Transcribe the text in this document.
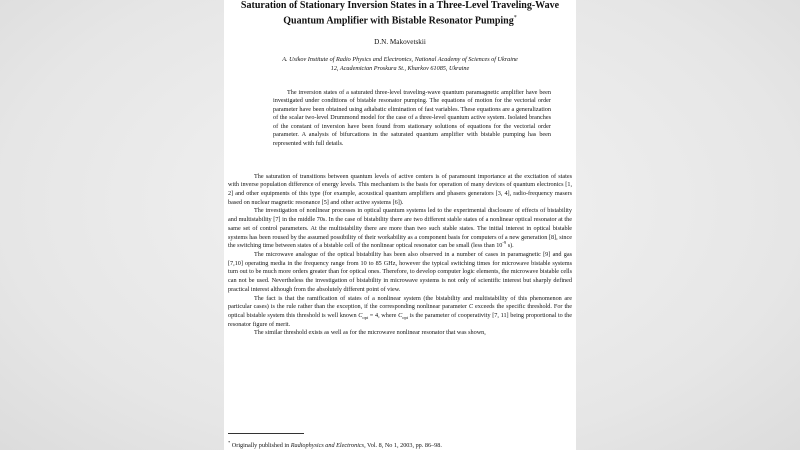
Saturation of Stationary Inversion States in a Three-Level Traveling-Wave
Quantum Amplifier with Bistable Resonator Pumping*
D.N. Makovetskii
A. Usikov Institute of Radio Physics and Electronics, National Academy of Sciences of Ukraine
12, Academician Proskura St., Kharkov 61085, Ukraine

The inversion states of a saturated three-level traveling-wave quantum paramagnetic amplifier have been investigated under conditions of bistable resonator pumping. The equations of motion for the vectorial order parameter have been obtained using adiabatic elimination of fast variables. These equations are a generalization of the scalar two-level Drummond model for the case of a three-level quantum active system. Isolated branches of the constant of inversion have been found from stationary solutions of equations for the vectorial order parameter. A analysis of bifurcations in the saturated quantum amplifier with bistable pumping has been represented with full details.

The saturation of transitions between quantum levels of active centers is of paramount importance at the excitation of states with inverse population difference of energy levels. This mechanism is the basis for operation of many devices of quantum electronics [1, 2] and other equipments of this type (for example, acoustical quantum amplifiers and phasers generators [3, 4], radio-frequency masers based on nuclear magnetic resonance [5] and other active systems [6]).

The investigation of nonlinear processes in optical quantum systems led to the experimental disclosure of effects of bistability and multistability [7] in the middle 70s. In the case of bistability there are two different stable states of a nonlinear optical resonator at the same set of control parameters. At the multistability there are more than two such stable states. The initial interest in optical bistable systems has been roused by the assumed possibility of their workability as a component basis for computers of a new generation [8], since the switching time between states of a bistable cell of the nonlinear optical resonator can be small (less than $10^{-9}$ s).

The microwave analogue of the optical bistability has been also observed in a number of cases in paramagnetic [9] and gas [7,10] operating media in the frequency range from 10 to 85 GHz, however the typical switching times for microwave bistable systems turn out to be much more orders greater than for optical ones. Therefore, to develop computer logic elements, the microwave bistable cells can not be used. Nevertheless the investigation of bistability in microwave systems is not only of scientific interest but sharply defined practical interest although from the absolutely different point of view.

The fact is that the ramification of states of a nonlinear system (the bistability and multistability of this phenomenon are particular cases) is the rule rather than the exception, if the corresponding nonlinear parameter C exceeds the specific threshold. For the optical bistable system this threshold is well known $C_{opt} = 4$, where $C_{opt}$ is the parameter of cooperativity [7, 11] being proportional to the resonator figure of merit.

The similar threshold exists as well as for the microwave nonlinear resonator that was shown,

* Originally published in Radiophysics and Electronics, Vol. 8, No 1, 2003, pp. 86–98.
